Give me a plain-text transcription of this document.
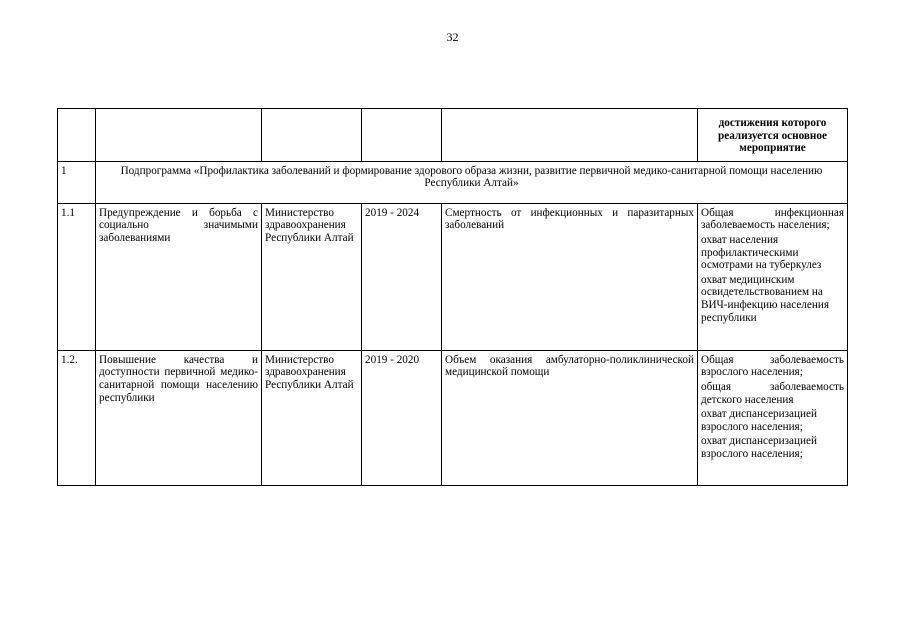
32
					достижения которого реализуется основное мероприятие
1	Подпрограмма «Профилактика заболеваний и формирование здорового образа жизни, развитие первичной медико-санитарной помощи населению Республики Алтай»				
1.1	Предупреждение и борьба с социально значимыми заболеваниями	Министерство здравоохранения Республики Алтай	2019 - 2024	Смертность от инфекционных и паразитарных заболеваний	Общая инфекционная заболеваемость населения;
охват населения профилактическими осмотрами на туберкулез
охват медицинским освидетельствованием на ВИЧ-инфекцию населения республики

1.2.	Повышение качества и доступности первичной медико-санитарной помощи населению республики	Министерство здравоохранения Республики Алтай	2019 - 2020	Объем оказания амбулаторно-поликлинической медицинской помощи	Общая заболеваемость взрослого населения;
общая заболеваемость детского населения
охват диспансеризацией взрослого населения;
охват диспансеризацией взрослого населения;
